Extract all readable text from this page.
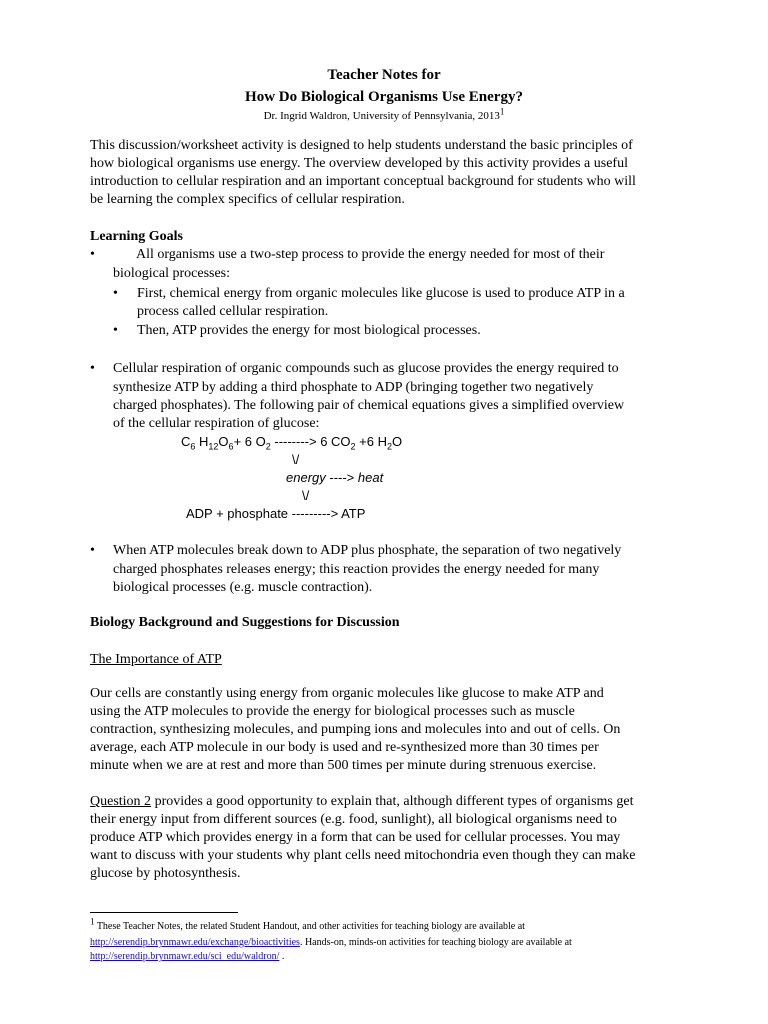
Teacher Notes for
How Do Biological Organisms Use Energy?
Dr. Ingrid Waldron, University of Pennsylvania, 2013$^1$
This discussion/worksheet activity is designed to help students understand the basic principles of
how biological organisms use energy. The overview developed by this activity provides a useful
introduction to cellular respiration and an important conceptual background for students who will
be learning the complex specifics of cellular respiration.
Learning Goals
•	All organisms use a two-step process to provide the energy needed for most of their
biological processes:
• First, chemical energy from organic molecules like glucose is used to produce ATP in a
process called cellular respiration.
• Then, ATP provides the energy for most biological processes.
• Cellular respiration of organic compounds such as glucose provides the energy required to
synthesize ATP by adding a third phosphate to ADP (bringing together two negatively
charged phosphates). The following pair of chemical equations gives a simplified overview
of the cellular respiration of glucose:
$C_6$ $H_{12}O_6+ 6$ $O_2$ --------> 6 $CO_2 +6$ $H_2O$
\/
energy ----> heat
\/
ADP + phosphate ---------> ATP
• When ATP molecules break down to ADP plus phosphate, the separation of two negatively
charged phosphates releases energy; this reaction provides the energy needed for many
biological processes (e.g. muscle contraction).
Biology Background and Suggestions for Discussion
The Importance of ATP
Our cells are constantly using energy from organic molecules like glucose to make ATP and
using the ATP molecules to provide the energy for biological processes such as muscle
contraction, synthesizing molecules, and pumping ions and molecules into and out of cells. On
average, each ATP molecule in our body is used and re-synthesized more than 30 times per
minute when we are at rest and more than 500 times per minute during strenuous exercise.
Question 2 provides a good opportunity to explain that, although different types of organisms get
their energy input from different sources (e.g. food, sunlight), all biological organisms need to
produce ATP which provides energy in a form that can be used for cellular processes. You may
want to discuss with your students why plant cells need mitochondria even though they can make
glucose by photosynthesis.
$^1$ These Teacher Notes, the related Student Handout, and other activities for teaching biology are available at
http://serendip.brynmawr.edu/exchange/bioactivities. Hands-on, minds-on activities for teaching biology are available at
http://serendip.brynmawr.edu/sci_edu/waldron/ .
